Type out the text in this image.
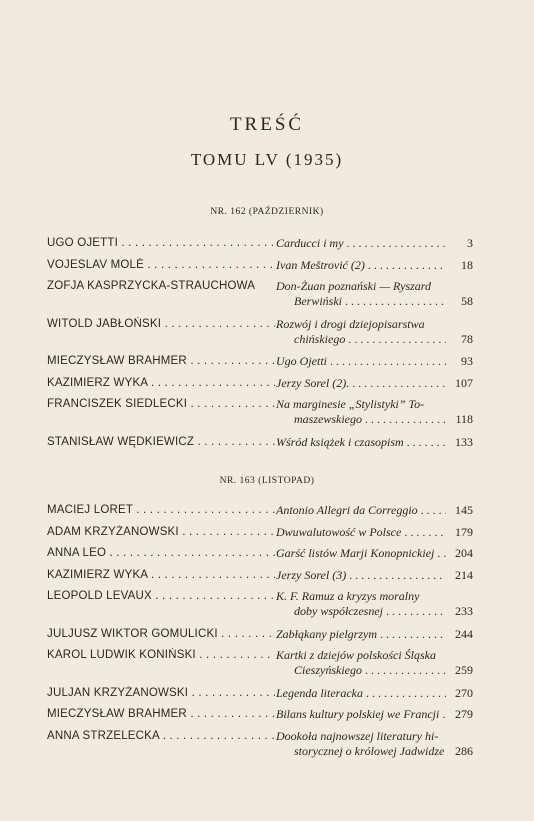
TREŚĆ
TOMU LV (1935)
NR. 162 (PAŹDZIERNIK)
UGO OJETTI . . .	Carducci i my . . .	3
VOJESLAV MOLÈ . . .	Ivan Meštrović (2) . . .	18
ZOFJA KASPRZYCKA-STRAUCHOWA	Don-Żuan poznański — Ryszard
Berwiński . . .	58
WITOLD JABŁOŃSKI . . .	Rozwój i drogi dziejopisarstwa
chińskiego . . .	78
MIECZYSŁAW BRAHMER . . .	Ugo Ojetti . . .	93
KAZIMIERZ WYKA . . .	Jerzy Sorel (2). . . .	107
FRANCISZEK SIEDLECKI . . .	Na marginesie „Stylistyki” To-
maszewskiego . . .	118
STANISŁAW WĘDKIEWICZ . . .	Wśród książek i czasopism . . .	133
NR. 163 (LISTOPAD)
MACIEJ LORET . . .	Antonio Allegri da Correggio . . .	145
ADAM KRZYŻANOWSKI . . .	Dwuwalutowość w Polsce . . .	179
ANNA LEO . . .	Garść listów Marji Konopnickiej . . .	204
KAZIMIERZ WYKA . . .	Jerzy Sorel (3) . . .	214
LEOPOLD LEVAUX . . .	K. F. Ramuz a kryzys moralny
doby współczesnej . . .	233
JULJUSZ WIKTOR GOMULICKI . . .	Zabłąkany pielgrzym . . .	244
KAROL LUDWIK KONIŃSKI . . .	Kartki z dziejów polskości Śląska
Cieszyńskiego . . .	259
JULJAN KRZYŻANOWSKI . . .	Legenda literacka . . .	270
MIECZYSŁAW BRAHMER . . .	Bilans kultury polskiej we Francji . . .	279
ANNA STRZELECKA . . .	Dookoła najnowszej literatury hi-
storycznej o królowej Jadwidze . . . 286
